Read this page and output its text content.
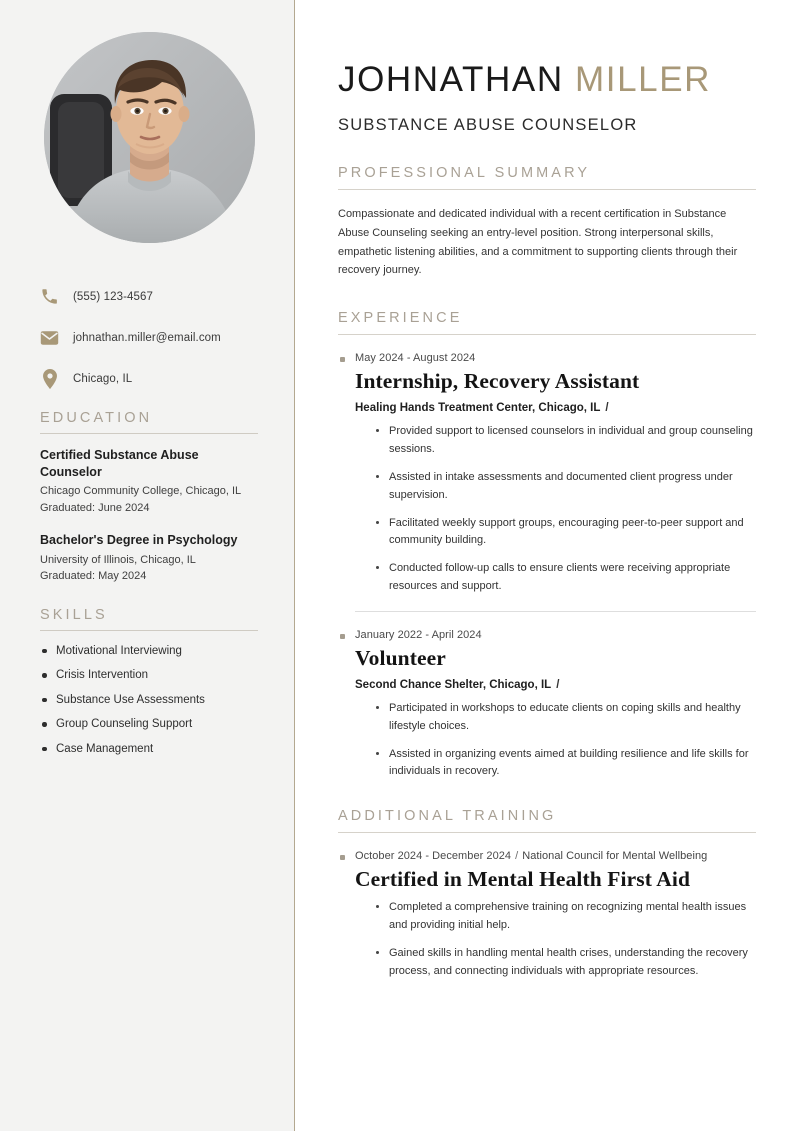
(555) 123-4567
johnathan.miller@email.com
Chicago, IL
EDUCATION
Certified Substance Abuse Counselor
Chicago Community College, Chicago, IL
Graduated: June 2024
Bachelor's Degree in Psychology
University of Illinois, Chicago, IL
Graduated: May 2024
SKILLS
Motivational Interviewing
Crisis Intervention
Substance Use Assessments
Group Counseling Support
Case Management
JOHNATHAN MILLER
SUBSTANCE ABUSE COUNSELOR
PROFESSIONAL SUMMARY

Compassionate and dedicated individual with a recent certification in Substance Abuse Counseling seeking an entry-level position. Strong interpersonal skills, empathetic listening abilities, and a commitment to supporting clients through their recovery journey.

EXPERIENCE
May 2024 - August 2024
Internship, Recovery Assistant
Healing Hands Treatment Center, Chicago, IL /
Provided support to licensed counselors in individual and group counseling sessions.
Assisted in intake assessments and documented client progress under supervision.
Facilitated weekly support groups, encouraging peer-to-peer support and community building.
Conducted follow-up calls to ensure clients were receiving appropriate resources and support.
January 2022 - April 2024
Volunteer
Second Chance Shelter, Chicago, IL /
Participated in workshops to educate clients on coping skills and healthy lifestyle choices.
Assisted in organizing events aimed at building resilience and life skills for individuals in recovery.
ADDITIONAL TRAINING
October 2024 - December 2024 / National Council for Mental Wellbeing
Certified in Mental Health First Aid
Completed a comprehensive training on recognizing mental health issues and providing initial help.
Gained skills in handling mental health crises, understanding the recovery process, and connecting individuals with appropriate resources.
